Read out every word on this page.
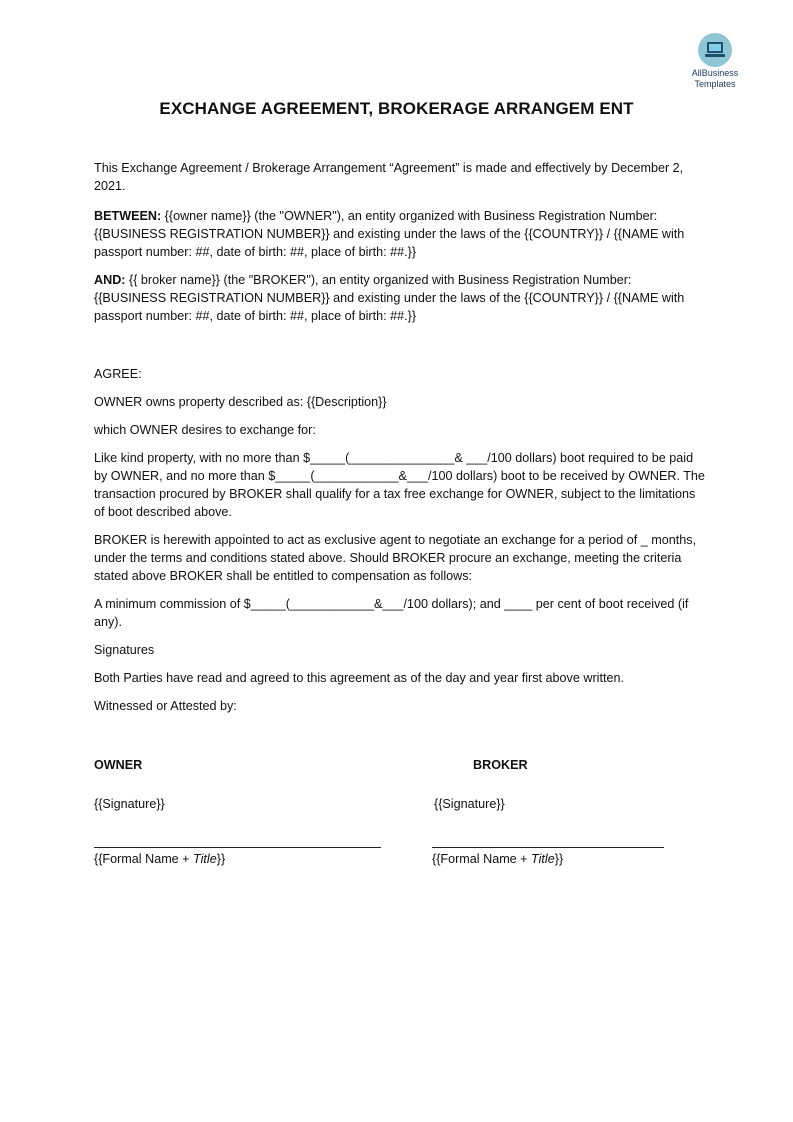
AllBusiness
Templates
EXCHANGE AGREEMENT, BROKERAGE ARRANGEM ENT

This Exchange Agreement / Brokerage Arrangement “Agreement” is made and effectively by December 2, 2021.

BETWEEN: {{owner name}} (the "OWNER"), an entity organized with Business Registration Number: {{BUSINESS REGISTRATION NUMBER}} and existing under the laws of the {{COUNTRY}} / {{NAME with passport number: ##, date of birth: ##, place of birth: ##.}}

AND: {{ broker name}} (the "BROKER"), an entity organized with Business Registration Number: {{BUSINESS REGISTRATION NUMBER}} and existing under the laws of the {{COUNTRY}} / {{NAME with passport number: ##, date of birth: ##, place of birth: ##.}}

AGREE:

OWNER owns property described as: {{Description}}

which OWNER desires to exchange for:

Like kind property, with no more than $_____(_______________& ___/100 dollars) boot required to be paid by OWNER, and no more than $_____(____________&___/100 dollars) boot to be received by OWNER. The transaction procured by BROKER shall qualify for a tax free exchange for OWNER, subject to the limitations of boot described above.

BROKER is herewith appointed to act as exclusive agent to negotiate an exchange for a period of _ months, under the terms and conditions stated above. Should BROKER procure an exchange, meeting the criteria stated above BROKER shall be entitled to compensation as follows:

A minimum commission of $_____(____________&___/100 dollars); and ____ per cent of boot received (if any).

Signatures

Both Parties have read and agreed to this agreement as of the day and year first above written.

Witnessed or Attested by:

OWNER
{{Signature}}
{{Formal Name + Title}}
BROKER
{{Signature}}
{{Formal Name + Title}}
